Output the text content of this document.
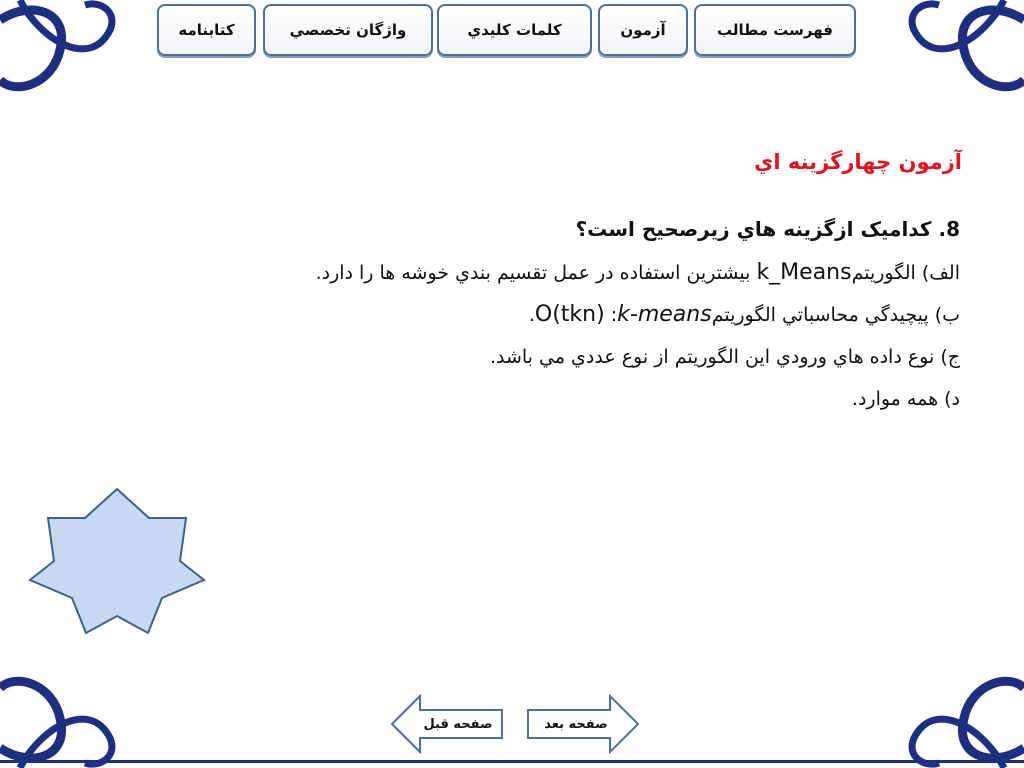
فهرست مطالب
آزمون
كلمات كليدي
واژگان تخصصي
كتابنامه
آزمون چهارگزينه اي
8. کدامیک ازگزینه هاي زيرصحيح است؟
الف) الگوريتمk_Means بيشترين استفاده در عمل تقسيم بندي خوشه ها را دارد.
ب) پيچيدگي محاسباتي الگوريتمk-means: O(tkn).
ج) نوع داده هاي ورودي اين الگوريتم از نوع عددي مي باشد.
د) همه موارد.
صفحه قبل	صفحه بعد
